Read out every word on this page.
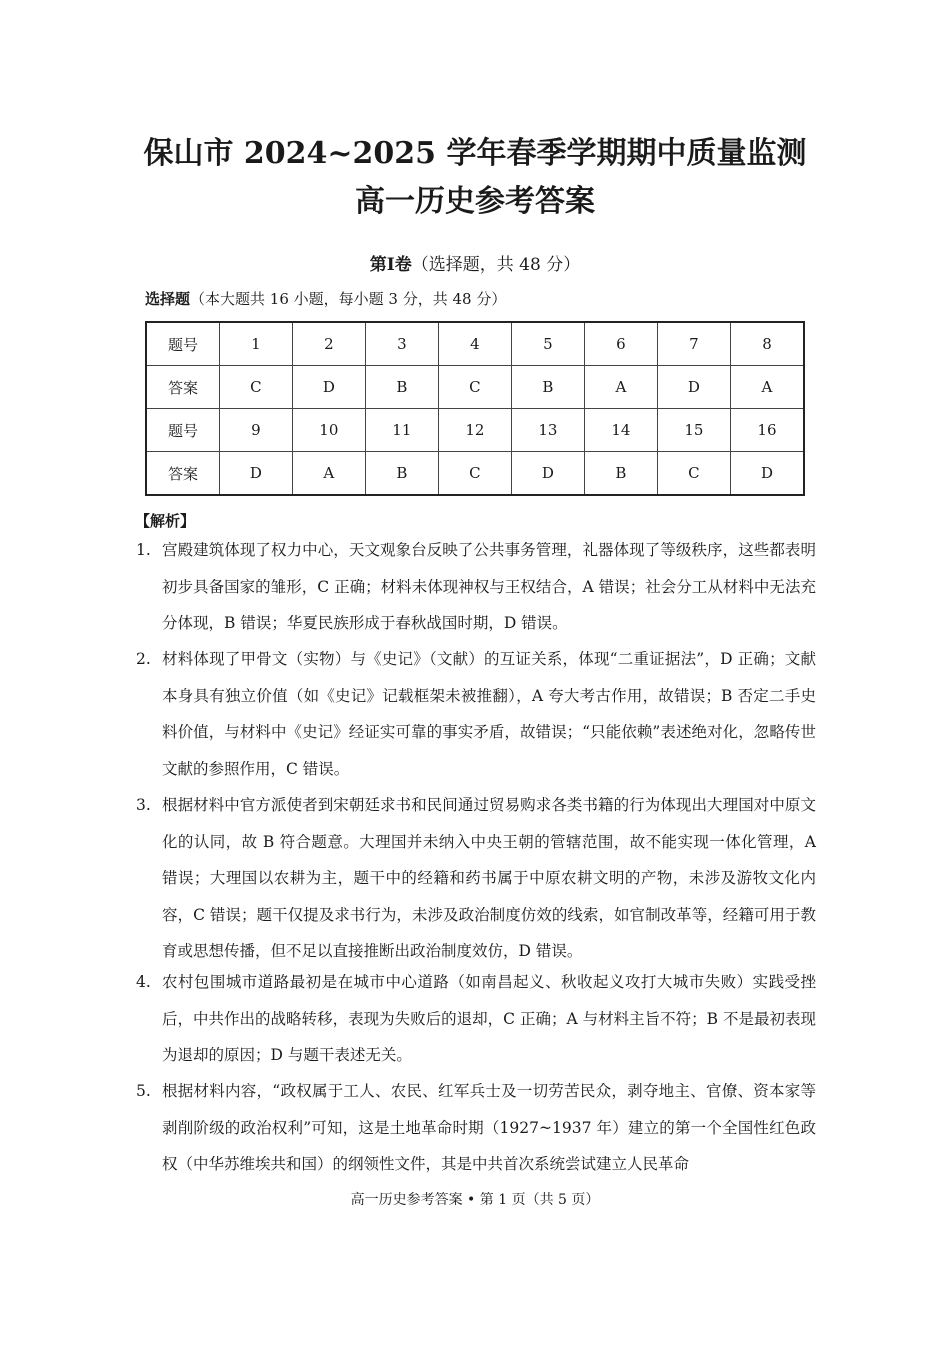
保山市 2024~2025 学年春季学期期中质量监测
高一历史参考答案
第Ⅰ卷（选择题，共 48 分）
选择题（本大题共 16 小题，每小题 3 分，共 48 分）
题号	1	2	3	4	5	6	7	8
答案	C	D	B	C	B	A	D	A
题号	9	10	11	12	13	14	15	16
答案	D	A	B	C	D	B	C	D
【解析】
1. 宫殿建筑体现了权力中心，天文观象台反映了公共事务管理，礼器体现了等级秩序，这些都表明初步具备国家的雏形，C 正确；材料未体现神权与王权结合，A 错误；社会分工从材料中无法充分体现，B 错误；华夏民族形成于春秋战国时期，D 错误。
2. 材料体现了甲骨文（实物）与《史记》（文献）的互证关系，体现“二重证据法”，D 正确；文献本身具有独立价值（如《史记》记载框架未被推翻），A 夸大考古作用，故错误；B 否定二手史料价值，与材料中《史记》经证实可靠的事实矛盾，故错误；“只能依赖”表述绝对化，忽略传世文献的参照作用，C 错误。
3. 根据材料中官方派使者到宋朝廷求书和民间通过贸易购求各类书籍的行为体现出大理国对中原文化的认同，故 B 符合题意。大理国并未纳入中央王朝的管辖范围，故不能实现一体化管理，A 错误；大理国以农耕为主，题干中的经籍和药书属于中原农耕文明的产物，未涉及游牧文化内容，C 错误；题干仅提及求书行为，未涉及政治制度仿效的线索，如官制改革等，经籍可用于教育或思想传播，但不足以直接推断出政治制度效仿，D 错误。
4. 农村包围城市道路最初是在城市中心道路（如南昌起义、秋收起义攻打大城市失败）实践受挫后，中共作出的战略转移，表现为失败后的退却，C 正确；A 与材料主旨不符；B 不是最初表现为退却的原因；D 与题干表述无关。
5. 根据材料内容，“政权属于工人、农民、红军兵士及一切劳苦民众，剥夺地主、官僚、资本家等剥削阶级的政治权利”可知，这是土地革命时期（1927~1937 年）建立的第一个全国性红色政权（中华苏维埃共和国）的纲领性文件，其是中共首次系统尝试建立人民革命
高一历史参考答案 • 第 1 页（共 5 页）
